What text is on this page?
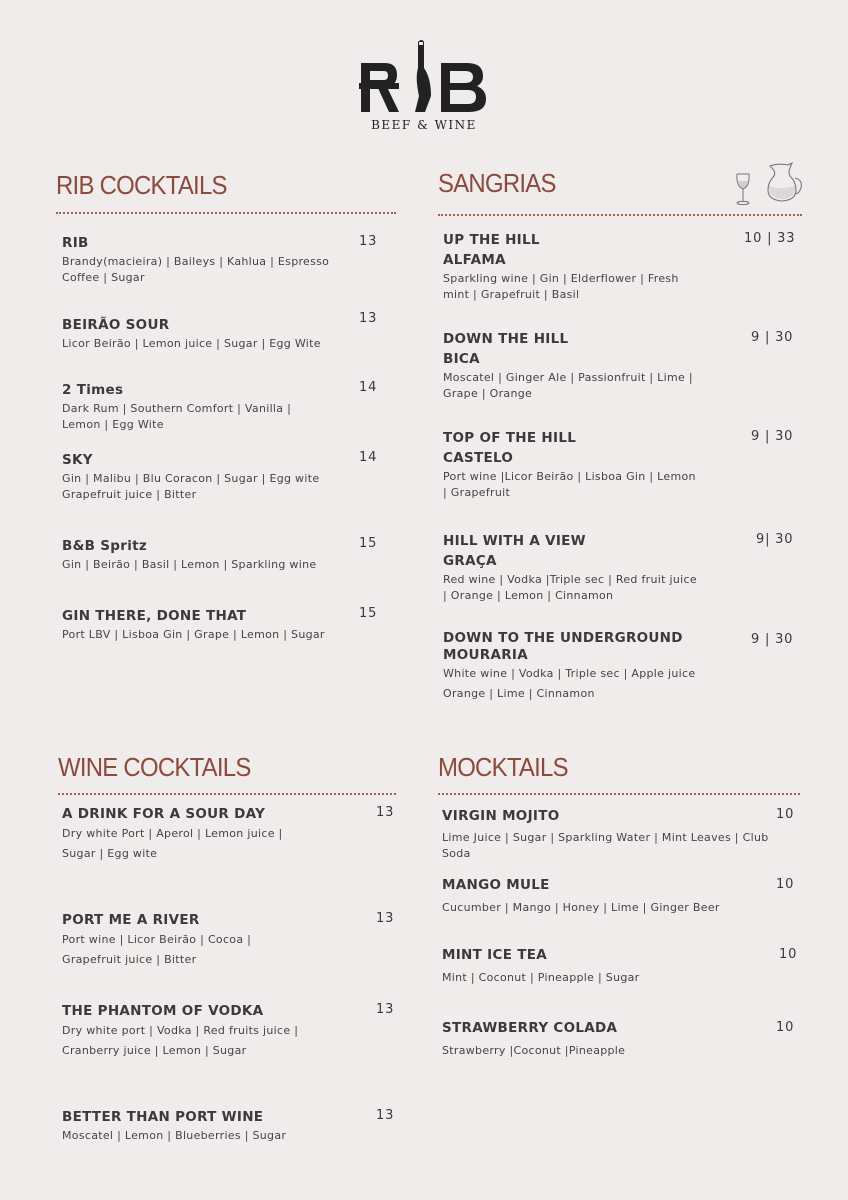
BEEF & WINE
RIB COCKTAILS
RIB
Brandy(macieira) | Baileys | Kahlua | Espresso
Coffee | Sugar
13
BEIRÃO SOUR
Licor Beirão | Lemon juice | Sugar | Egg Wite
13
2 Times
Dark Rum | Southern Comfort | Vanilla |
Lemon | Egg Wite
14
SKY
Gin | Malibu | Blu Coracon | Sugar | Egg wite
Grapefruit juice | Bitter
14
B&B Spritz
Gin | Beirão | Basil | Lemon | Sparkling wine
15
GIN THERE, DONE THAT
Port LBV | Lisboa Gin | Grape | Lemon | Sugar
15
SANGRIAS
UP THE HILL
ALFAMA
Sparkling wine | Gin | Elderflower | Fresh
mint | Grapefruit | Basil
10 | 33
DOWN THE HILL
BICA
Moscatel | Ginger Ale | Passionfruit | Lime |
Grape | Orange
9 | 30
TOP OF THE HILL
CASTELO
Port wine |Licor Beirão | Lisboa Gin | Lemon
| Grapefruit
9 | 30
HILL WITH A VIEW
GRAÇA
Red wine | Vodka |Triple sec | Red fruit juice
| Orange | Lemon | Cinnamon
9| 30
DOWN TO THE UNDERGROUND
MOURARIA
White wine | Vodka | Triple sec | Apple juice
Orange | Lime | Cinnamon
9 | 30
WINE COCKTAILS
A DRINK FOR A SOUR DAY
Dry white Port | Aperol | Lemon juice |
Sugar | Egg wite
13
PORT ME A RIVER
Port wine | Licor Beirão | Cocoa |
Grapefruit juice | Bitter
13
THE PHANTOM OF VODKA
Dry white port | Vodka | Red fruits juice |
Cranberry juice | Lemon | Sugar
13
BETTER THAN PORT WINE
Moscatel | Lemon | Blueberries | Sugar
13
MOCKTAILS
VIRGIN MOJITO
Lime Juice | Sugar | Sparkling Water | Mint Leaves | Club Soda
10
MANGO MULE
Cucumber | Mango | Honey | Lime | Ginger Beer
10
MINT ICE TEA
Mint | Coconut | Pineapple | Sugar
10
STRAWBERRY COLADA
Strawberry |Coconut |Pineapple
10
